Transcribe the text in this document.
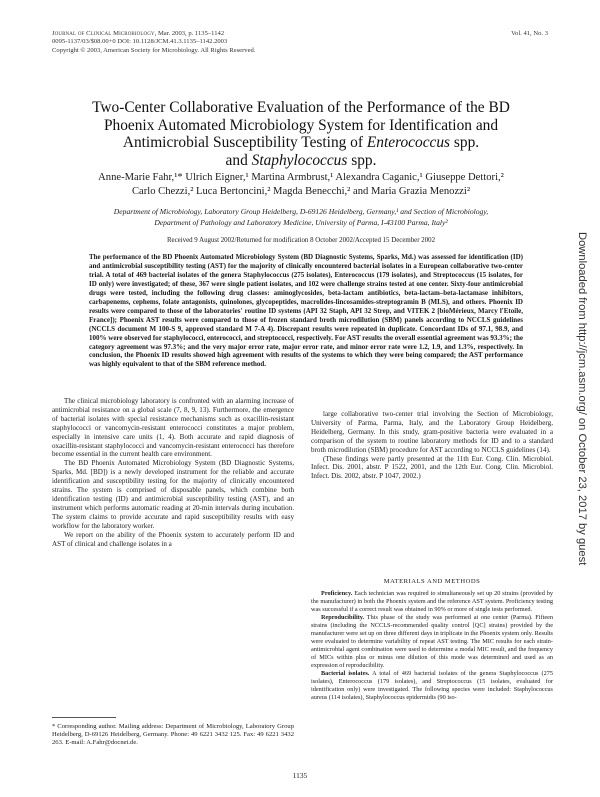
Journal of Clinical Microbiology, Mar. 2003, p. 1135–1142
0095-1137/03/$08.00+0 DOI: 10.1128/JCM.41.3.1135–1142.2003
Copyright © 2003, American Society for Microbiology. All Rights Reserved.
Vol. 41, No. 3
Two-Center Collaborative Evaluation of the Performance of the BD
Phoenix Automated Microbiology System for Identification and
Antimicrobial Susceptibility Testing of Enterococcus spp.
and Staphylococcus spp.
Anne-Marie Fahr,¹* Ulrich Eigner,¹ Martina Armbrust,¹ Alexandra Caganic,¹ Giuseppe Dettori,²
Carlo Chezzi,² Luca Bertoncini,² Magda Benecchi,² and Maria Grazia Menozzi²
Department of Microbiology, Laboratory Group Heidelberg, D-69126 Heidelberg, Germany,¹ and Section of Microbiology,
Department of Pathology and Laboratory Medicine, University of Parma, I-43100 Parma, Italy²
Received 9 August 2002/Returned for modification 8 October 2002/Accepted 15 December 2002
The performance of the BD Phoenix Automated Microbiology System (BD Diagnostic Systems, Sparks, Md.) was assessed for identification (ID) and antimicrobial susceptibility testing (AST) for the majority of clinically encountered bacterial isolates in a European collaborative two-center trial. A total of 469 bacterial isolates of the genera Staphylococcus (275 isolates), Enterococcus (179 isolates), and Streptococcus (15 isolates, for ID only) were investigated; of these, 367 were single patient isolates, and 102 were challenge strains tested at one center. Sixty-four antimicrobial drugs were tested, including the following drug classes: aminoglycosides, beta-lactam antibiotics, beta-lactam–beta-lactamase inhibitors, carbapenems, cephems, folate antagonists, quinolones, glycopeptides, macrolides-lincosamides-streptogramin B (MLS), and others. Phoenix ID results were compared to those of the laboratories' routine ID systems (API 32 Staph, API 32 Strep, and VITEK 2 [bioMérieux, Marcy l'Etoile, France]); Phoenix AST results were compared to those of frozen standard broth microdilution (SBM) panels according to NCCLS guidelines (NCCLS document M 100-S 9, approved standard M 7-A 4). Discrepant results were repeated in duplicate. Concordant IDs of 97.1, 98.9, and 100% were observed for staphylococci, enterococci, and streptococci, respectively. For AST results the overall essential agreement was 93.3%; the category agreement was 97.3%; and the very major error rate, major error rate, and minor error rate were 1.2, 1.9, and 1.3%, respectively. In conclusion, the Phoenix ID results showed high agreement with results of the systems to which they were being compared; the AST performance was highly equivalent to that of the SBM reference method.

The clinical microbiology laboratory is confronted with an alarming increase of antimicrobial resistance on a global scale (7, 8, 9, 13). Furthermore, the emergence of bacterial isolates with special resistance mechanisms such as oxacillin-resistant staphylococci or vancomycin-resistant enterococci constitutes a major problem, especially in intensive care units (1, 4). Both accurate and rapid diagnosis of oxacillin-resistant staphylococci and vancomycin-resistant enterococci has therefore become essential in the current health care environment.

The BD Phoenix Automated Microbiology System (BD Diagnostic Systems, Sparks, Md. [BD]) is a newly developed instrument for the reliable and accurate identification and susceptibility testing for the majority of clinically encountered strains. The system is comprised of disposable panels, which combine both identification testing (ID) and antimicrobial susceptibility testing (AST), and an instrument which performs automatic reading at 20-min intervals during incubation. The system claims to provide accurate and rapid susceptibility results with easy workflow for the laboratory worker.

We report on the ability of the Phoenix system to accurately perform ID and AST of clinical and challenge isolates in a

large collaborative two-center trial involving the Section of Microbiology, University of Parma, Parma, Italy, and the Laboratory Group Heidelberg, Heidelberg, Germany. In this study, gram-positive bacteria were evaluated in a comparison of the system to routine laboratory methods for ID and to a standard broth microdilution (SBM) procedure for AST according to NCCLS guidelines (14).

(These findings were partly presented at the 11th Eur. Cong. Clin. Microbiol. Infect. Dis. 2001, abstr. P 1522, 2001, and the 12th Eur. Cong. Clin. Microbiol. Infect. Dis. 2002, abstr. P 1047, 2002.)

MATERIALS AND METHODS

Proficiency. Each technician was required to simultaneously set up 20 strains (provided by the manufacturer) in both the Phoenix system and the reference AST system. Proficiency testing was successful if a correct result was obtained in 90% or more of single tests performed.

Reproducibility. This phase of the study was performed at one center (Parma). Fifteen strains (including the NCCLS-recommended quality control [QC] strains) provided by the manufacturer were set up on three different days in triplicate in the Phoenix system only. Results were evaluated to determine variability of repeat AST testing. The MIC results for each strain-antimicrobial agent combination were used to determine a modal MIC result, and the frequency of MICs within plus or minus one dilution of this mode was determined and used as an expression of reproducibility.

Bacterial isolates. A total of 469 bacterial isolates of the genera Staphylococcus (275 isolates), Enterococcus (179 isolates), and Streptococcus (15 isolates, evaluated for identification only) were investigated. The following species were included: Staphylococcus aureus (114 isolates), Staphylococcus epidermidis (90 iso-

* Corresponding author. Mailing address: Department of Microbiology, Laboratory Group Heidelberg, D-69126 Heidelberg, Germany. Phone: 49 6221 3432 125. Fax: 49 6221 3432 263. E-mail: A.Fahr@docnet.de.
1135
Downloaded from http://jcm.asm.org/ on October 23, 2017 by guest
